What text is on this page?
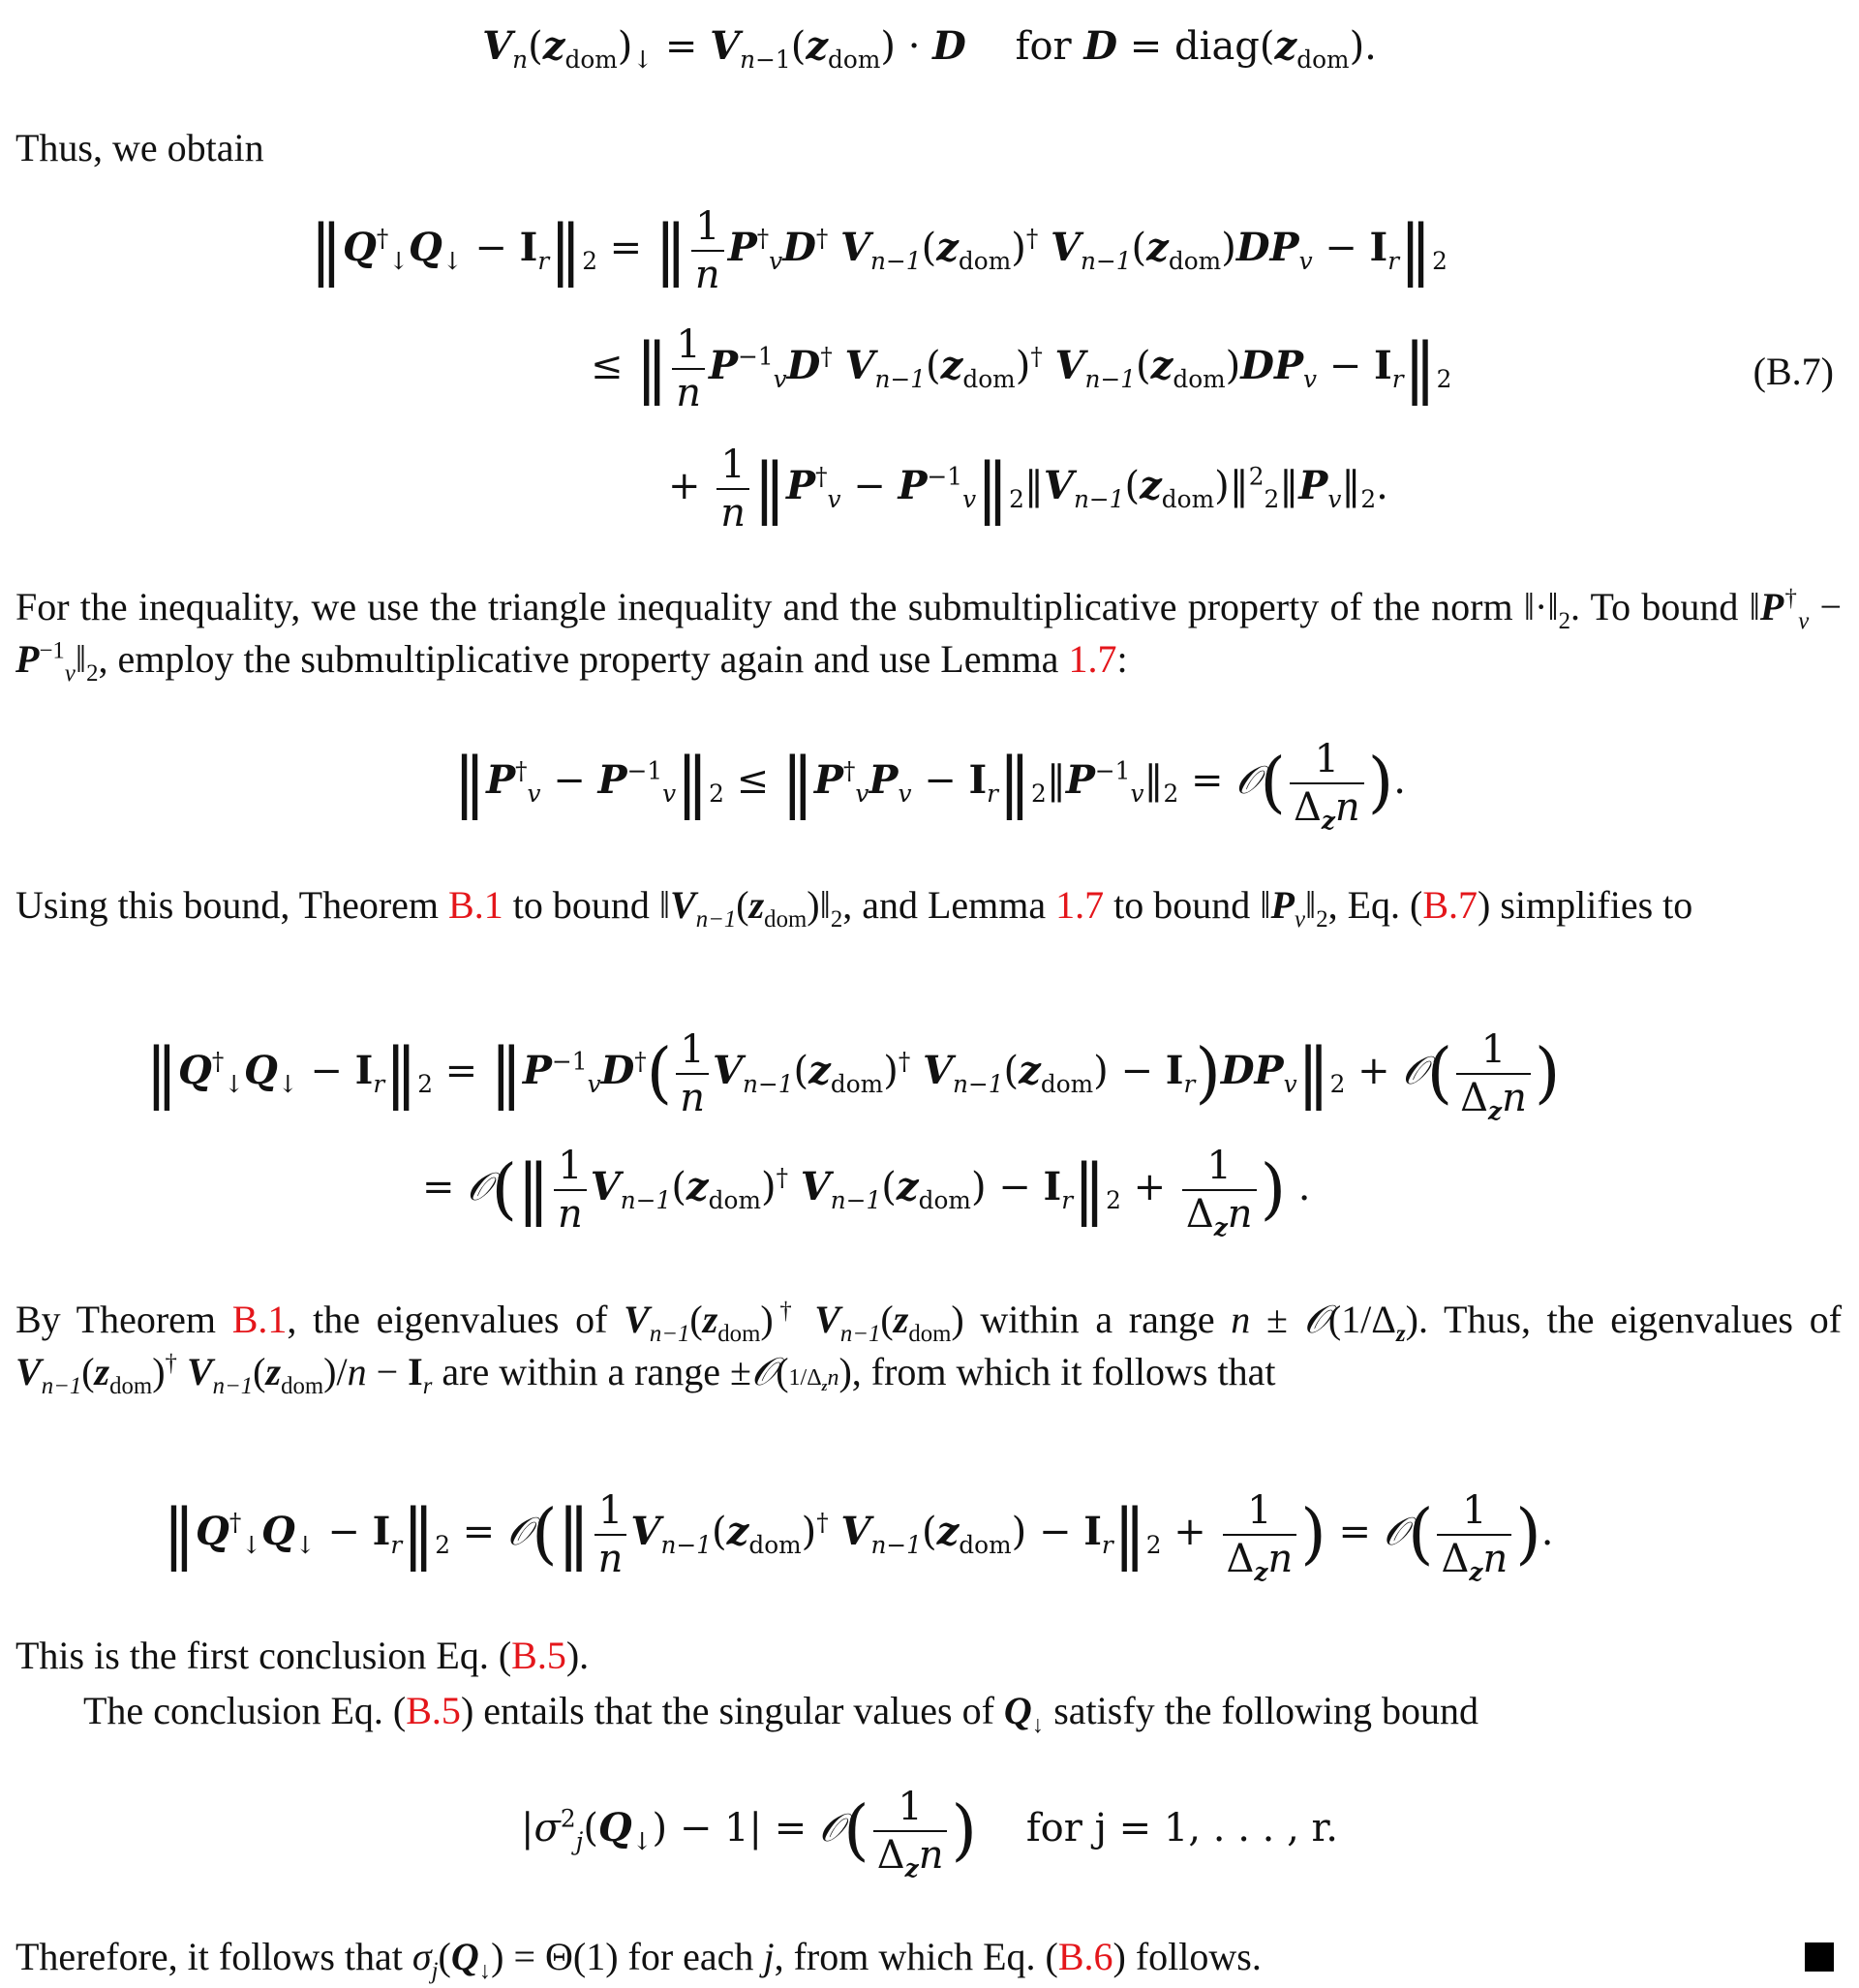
$V_n(z_{dom})_↓ = V_{n-1}(z_{dom}) \cdot D$ for $D = diag(z_{dom})$.
Thus, we obtain
$‖Q^\dagger_↓Q_↓$ − $I_r‖_2$ = ‖ $\frac{1}{n} P^\dagger_vD^\dagger$ $V_{n-1}(z_{dom})^\dagger$ $V_{n-1}(z_{dom})DP_v$ − $I_r‖_2$
≤ ‖ $\frac{1}{n} P^{-1}_vD^\dagger$ $V_{n-1}(z_{dom})^\dagger$ $V_{n-1}(z_{dom})DP_v$ − $I_r‖_2$	(B.7)
+ $\frac{1}{n}$ $‖P^\dagger_v$ − $P^{-1}_v‖_2‖V_{n-1}(z_{dom})‖^2_2‖P_v‖_2$.
For the inequality, we use the triangle inequality and the submultiplicative property of the norm $‖\cdot‖_2$. To bound $‖P^\dagger_v$ − $P^{-1}_v‖_2$, employ the submultiplicative property again and use Lemma 1.7:
$‖P^\dagger_v$ − $P^{-1}_v‖_2$ ≤ $‖P^\dagger_vP_v$ − $I_r‖_2‖P^{-1}_v‖_2$ = 𝒪( $\frac{1}{\Delta_zn}$ ).
Using this bound, Theorem B.1 to bound $‖V_{n-1}(z_{dom})‖_2$, and Lemma 1.7 to bound $‖P_v‖_2$, Eq. (B.7) simplifies to
$‖Q^\dagger_↓Q_↓$ − $I_r‖_2$ = $‖P^{-1}_vD^\dagger( \frac{1}{n} V_{n-1}(z_{dom})^\dagger$ $V_{n-1}(z_{dom})$ − $I_r)DP_v‖_2$ + 𝒪( $\frac{1}{\Delta_zn}$ )
= 𝒪(‖ $\frac{1}{n} V_{n-1}(z_{dom})^\dagger$ $V_{n-1}(z_{dom})$ − $I_r‖_2 + \frac{1}{\Delta_zn}$ ) .
By Theorem B.1, the eigenvalues of $V_{n-1}(z_{dom})^\dagger$ $V_{n-1}(z_{dom})$ within a range $n \pm 𝒪(1/\Delta_z)$. Thus, the eigenvalues of $V_{n-1}(z_{dom})^\dagger$ $V_{n-1}(z_{dom})/n - I_r$ are within a range $\pm 𝒪(1/\Delta_zn)$, from which it follows that
$‖Q^\dagger_↓Q_↓$ − $I_r‖_2$ = 𝒪(‖ $\frac{1}{n} V_{n-1}(z_{dom})^\dagger$ $V_{n-1}(z_{dom})$ − $I_r‖_2 + \frac{1}{\Delta_zn}$ ) = 𝒪( $\frac{1}{\Delta_zn}$ ).
This is the first conclusion Eq. (B.5).
The conclusion Eq. (B.5) entails that the singular values of $Q_↓$ satisfy the following bound
$|\sigma^2_j(Q_↓) - 1|$ = 𝒪( $\frac{1}{\Delta_zn}$ ) for j = 1, . . . , r.
Therefore, it follows that $\sigma_j(Q_↓) = \Theta(1)$ for each j, from which Eq. (B.6) follows.
